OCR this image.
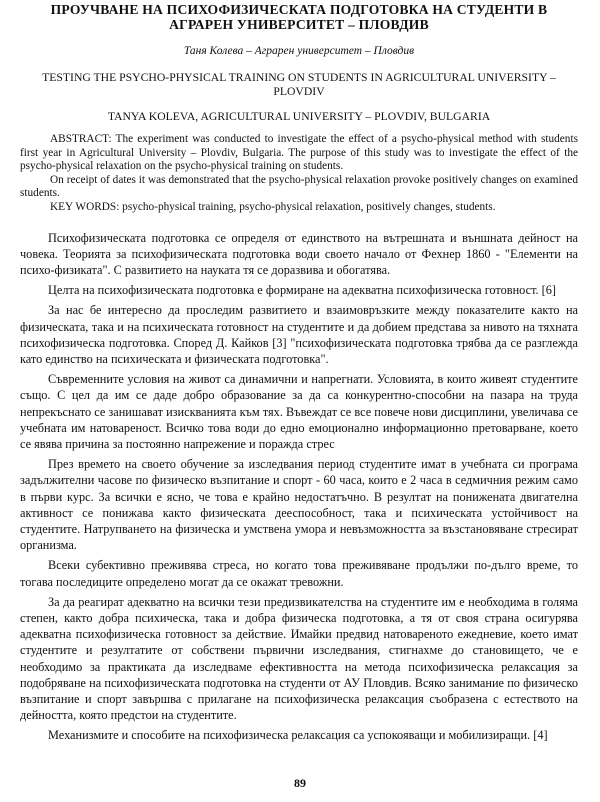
ПРОУЧВАНЕ НА ПСИХОФИЗИЧЕСКАТА ПОДГОТОВКА НА СТУДЕНТИ В АГРАРЕН УНИВЕРСИТЕТ – ПЛОВДИВ
Таня Колева – Аграрен университет – Пловдив
TESTING THE PSYCHO-PHYSICAL TRAINING ON STUDENTS IN AGRICULTURAL UNIVERSITY – PLOVDIV
TANYA KOLEVA, AGRICULTURAL UNIVERSITY – PLOVDIV, BULGARIA

ABSTRACT: The experiment was conducted to investigate the effect of a psycho-physical method with students first year in Agricultural University – Plovdiv, Bulgaria. The purpose of this study was to investigate the effect of the psycho-physical relaxation on the psycho-physical training on students.

On receipt of dates it was demonstrated that the psycho-physical relaxation provoke positively changes on examined students.

KEY WORDS: psycho-physical training, psycho-physical relaxation, positively changes, students.

Психофизическата подготовка се определя от единството на вътрешната и външната дейност на човека. Теорията за психофизическата подготовка води своето начало от Фехнер 1860 - "Елементи на психо-физиката". С развитието на науката тя се доразвива и обогатява.

Целта на психофизическата подготовка е формиране на адекватна психофизическа готовност. [6]

За нас бе интересно да проследим развитието и взаимовръзките между показателите както на физическата, така и на психическата готовност на студентите и да добием представа за нивото на тяхната психофизическа подготовка. Според Д. Кайков [3] "психофизическата подготовка трябва да се разглежда като единство на психическата и физическата подготовка".

Съвременните условия на живот са динамични и напрегнати. Условията, в които живеят студентите също. С цел да им се даде добро образование за да са конкурентно-способни на пазара на труда непрекъснато се занишават изискванията към тях. Въвеждат се все повече нови дисциплини, увеличава се учебната им натовареност. Всичко това води до едно емоционално информационно претоварване, което се явява причина за постоянно напрежение и поражда стрес

През времето на своето обучение за изследвания период студентите имат в учебната си програма задължителни часове по физическо възпитание и спорт - 60 часа, които е 2 часа в седмичния режим само в първи курс. За всички е ясно, че това е крайно недостатъчно. В резултат на понижената двигателна активност се понижава както физическата дееспособност, така и психическата устойчивост на студентите. Натрупването на физическа и умствена умора и невъзможността за възстановяване стресират организма.

Всеки субективно преживява стреса, но когато това преживяване продължи по-дълго време, то тогава последиците определено могат да се окажат тревожни.

За да реагират адекватно на всички тези предизвикателства на студентите им е необходима в голяма степен, както добра психическа, така и добра физическа подготовка, а тя от своя страна осигурява адекватна психофизическа готовност за действие. Имайки предвид натовареното ежедневие, което имат студентите и резултатите от собствени първични изследвания, стигнахме до становището, че е необходимо за практиката да изследваме ефективността на метода психофизическа релаксация за подобряване на психофизическата подготовка на студенти от АУ Пловдив. Всяко занимание по физическо възпитание и спорт завършва с прилагане на психофизическа релаксация съобразена с естеството на дейността, която предстои на студентите.

Механизмите и способите на психофизическа релаксация са успокояващи и мобилизиращи. [4]

89
